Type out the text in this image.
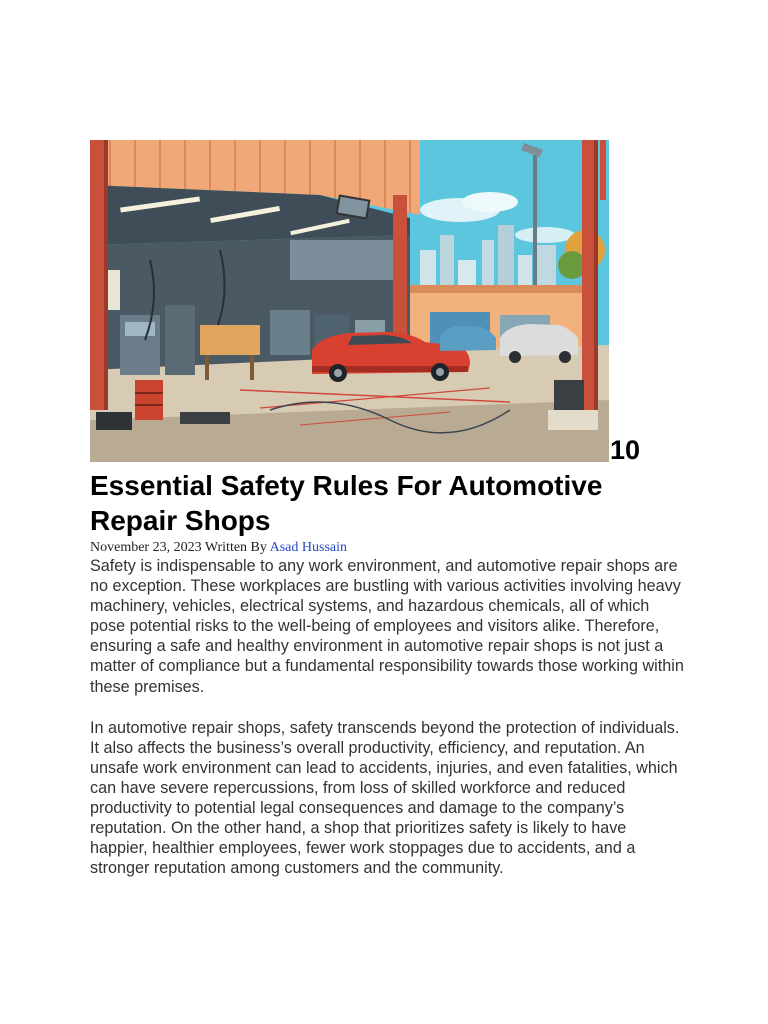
10
Essential Safety Rules For Automotive
Repair Shops
November 23, 2023 Written By Asad Hussain

Safety is indispensable to any work environment, and automotive repair shops are no exception. These workplaces are bustling with various activities involving heavy machinery, vehicles, electrical systems, and hazardous chemicals, all of which pose potential risks to the well-being of employees and visitors alike. Therefore, ensuring a safe and healthy environment in automotive repair shops is not just a matter of compliance but a fundamental responsibility towards those working within these premises.

In automotive repair shops, safety transcends beyond the protection of individuals. It also affects the business’s overall productivity, efficiency, and reputation. An unsafe work environment can lead to accidents, injuries, and even fatalities, which can have severe repercussions, from loss of skilled workforce and reduced productivity to potential legal consequences and damage to the company’s reputation. On the other hand, a shop that prioritizes safety is likely to have happier, healthier employees, fewer work stoppages due to accidents, and a stronger reputation among customers and the community.
